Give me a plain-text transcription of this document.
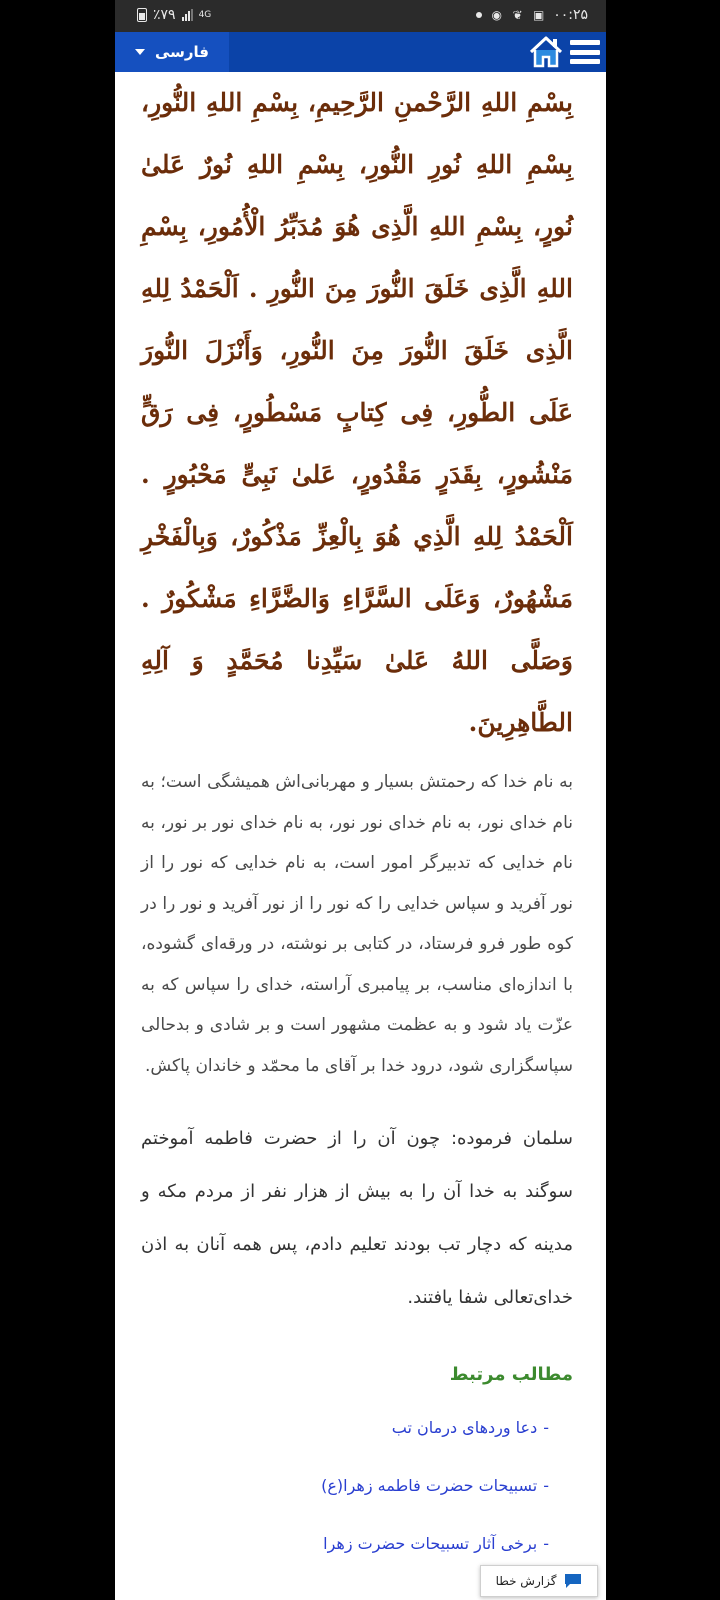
٪۷۹	4G	◉ ❦ ▣ ۰۰:۲۵
فارسی

بِسْمِ اللهِ الرَّحْمنِ الرَّحِیمِ، بِسْمِ اللهِ النُّورِ، بِسْمِ اللهِ نُورِ النُّورِ، بِسْمِ اللهِ نُورٌ عَلیٰ نُورٍ، بِسْمِ اللهِ الَّذِی هُوَ مُدَبِّرُ الْأُمُورِ، بِسْمِ اللهِ الَّذِی خَلَقَ النُّورَ مِنَ النُّورِ . اَلْحَمْدُ لِلهِ الَّذِی خَلَقَ النُّورَ مِنَ النُّورِ، وَأَنْزَلَ النُّورَ عَلَی الطُّورِ، فِی کِتابٍ مَسْطُورٍ، فِی رَقٍّ مَنْشُورٍ، بِقَدَرٍ مَقْدُورٍ، عَلیٰ نَبِیٍّ مَحْبُورٍ . اَلْحَمْدُ لِلهِ الَّذِي هُوَ بِالْعِزِّ مَذْكُورٌ، وَبِالْفَخْرِ مَشْهُورٌ، وَعَلَى السَّرَّاءِ وَالضَّرَّاءِ مَشْكُورٌ . وَصَلَّى اللهُ عَلیٰ سَیِّدِنا مُحَمَّدٍ وَ آلِهِ الطَّاهِرِینَ.

به نام خدا که رحمتش بسیار و مهربانی‌اش همیشگی است؛ به نام خدای نور، به نام خدای نور نور، به نام خدای نور بر نور، به نام خدایی که تدبیرگر امور است، به نام خدایی که نور را از نور آفرید و سپاس خدایی را که نور را از نور آفرید و نور را در کوه طور فرو فرستاد، در کتابی بر نوشته، در ورقه‌ای گشوده، با اندازه‌ای مناسب، بر پیامبری آراسته، خدای را سپاس که به عزّت یاد شود و به عظمت مشهور است و بر شادی و بدحالی سپاسگزاری شود، درود خدا بر آقای ما محمّد و خاندان پاکش.

سلمان فرموده: چون آن را از حضرت فاطمه آموختم سوگند به خدا آن را به بیش از هزار نفر از مردم مکه و مدینه که دچار تب بودند تعلیم دادم، پس همه آنان به اذن خدای‌تعالی شفا یافتند.

مطالب مرتبط
-دعا وردهای درمان تب
-تسبیحات حضرت فاطمه زهرا(ع)
-برخی آثار تسبیحات حضرت زهرا
گزارش خطا
